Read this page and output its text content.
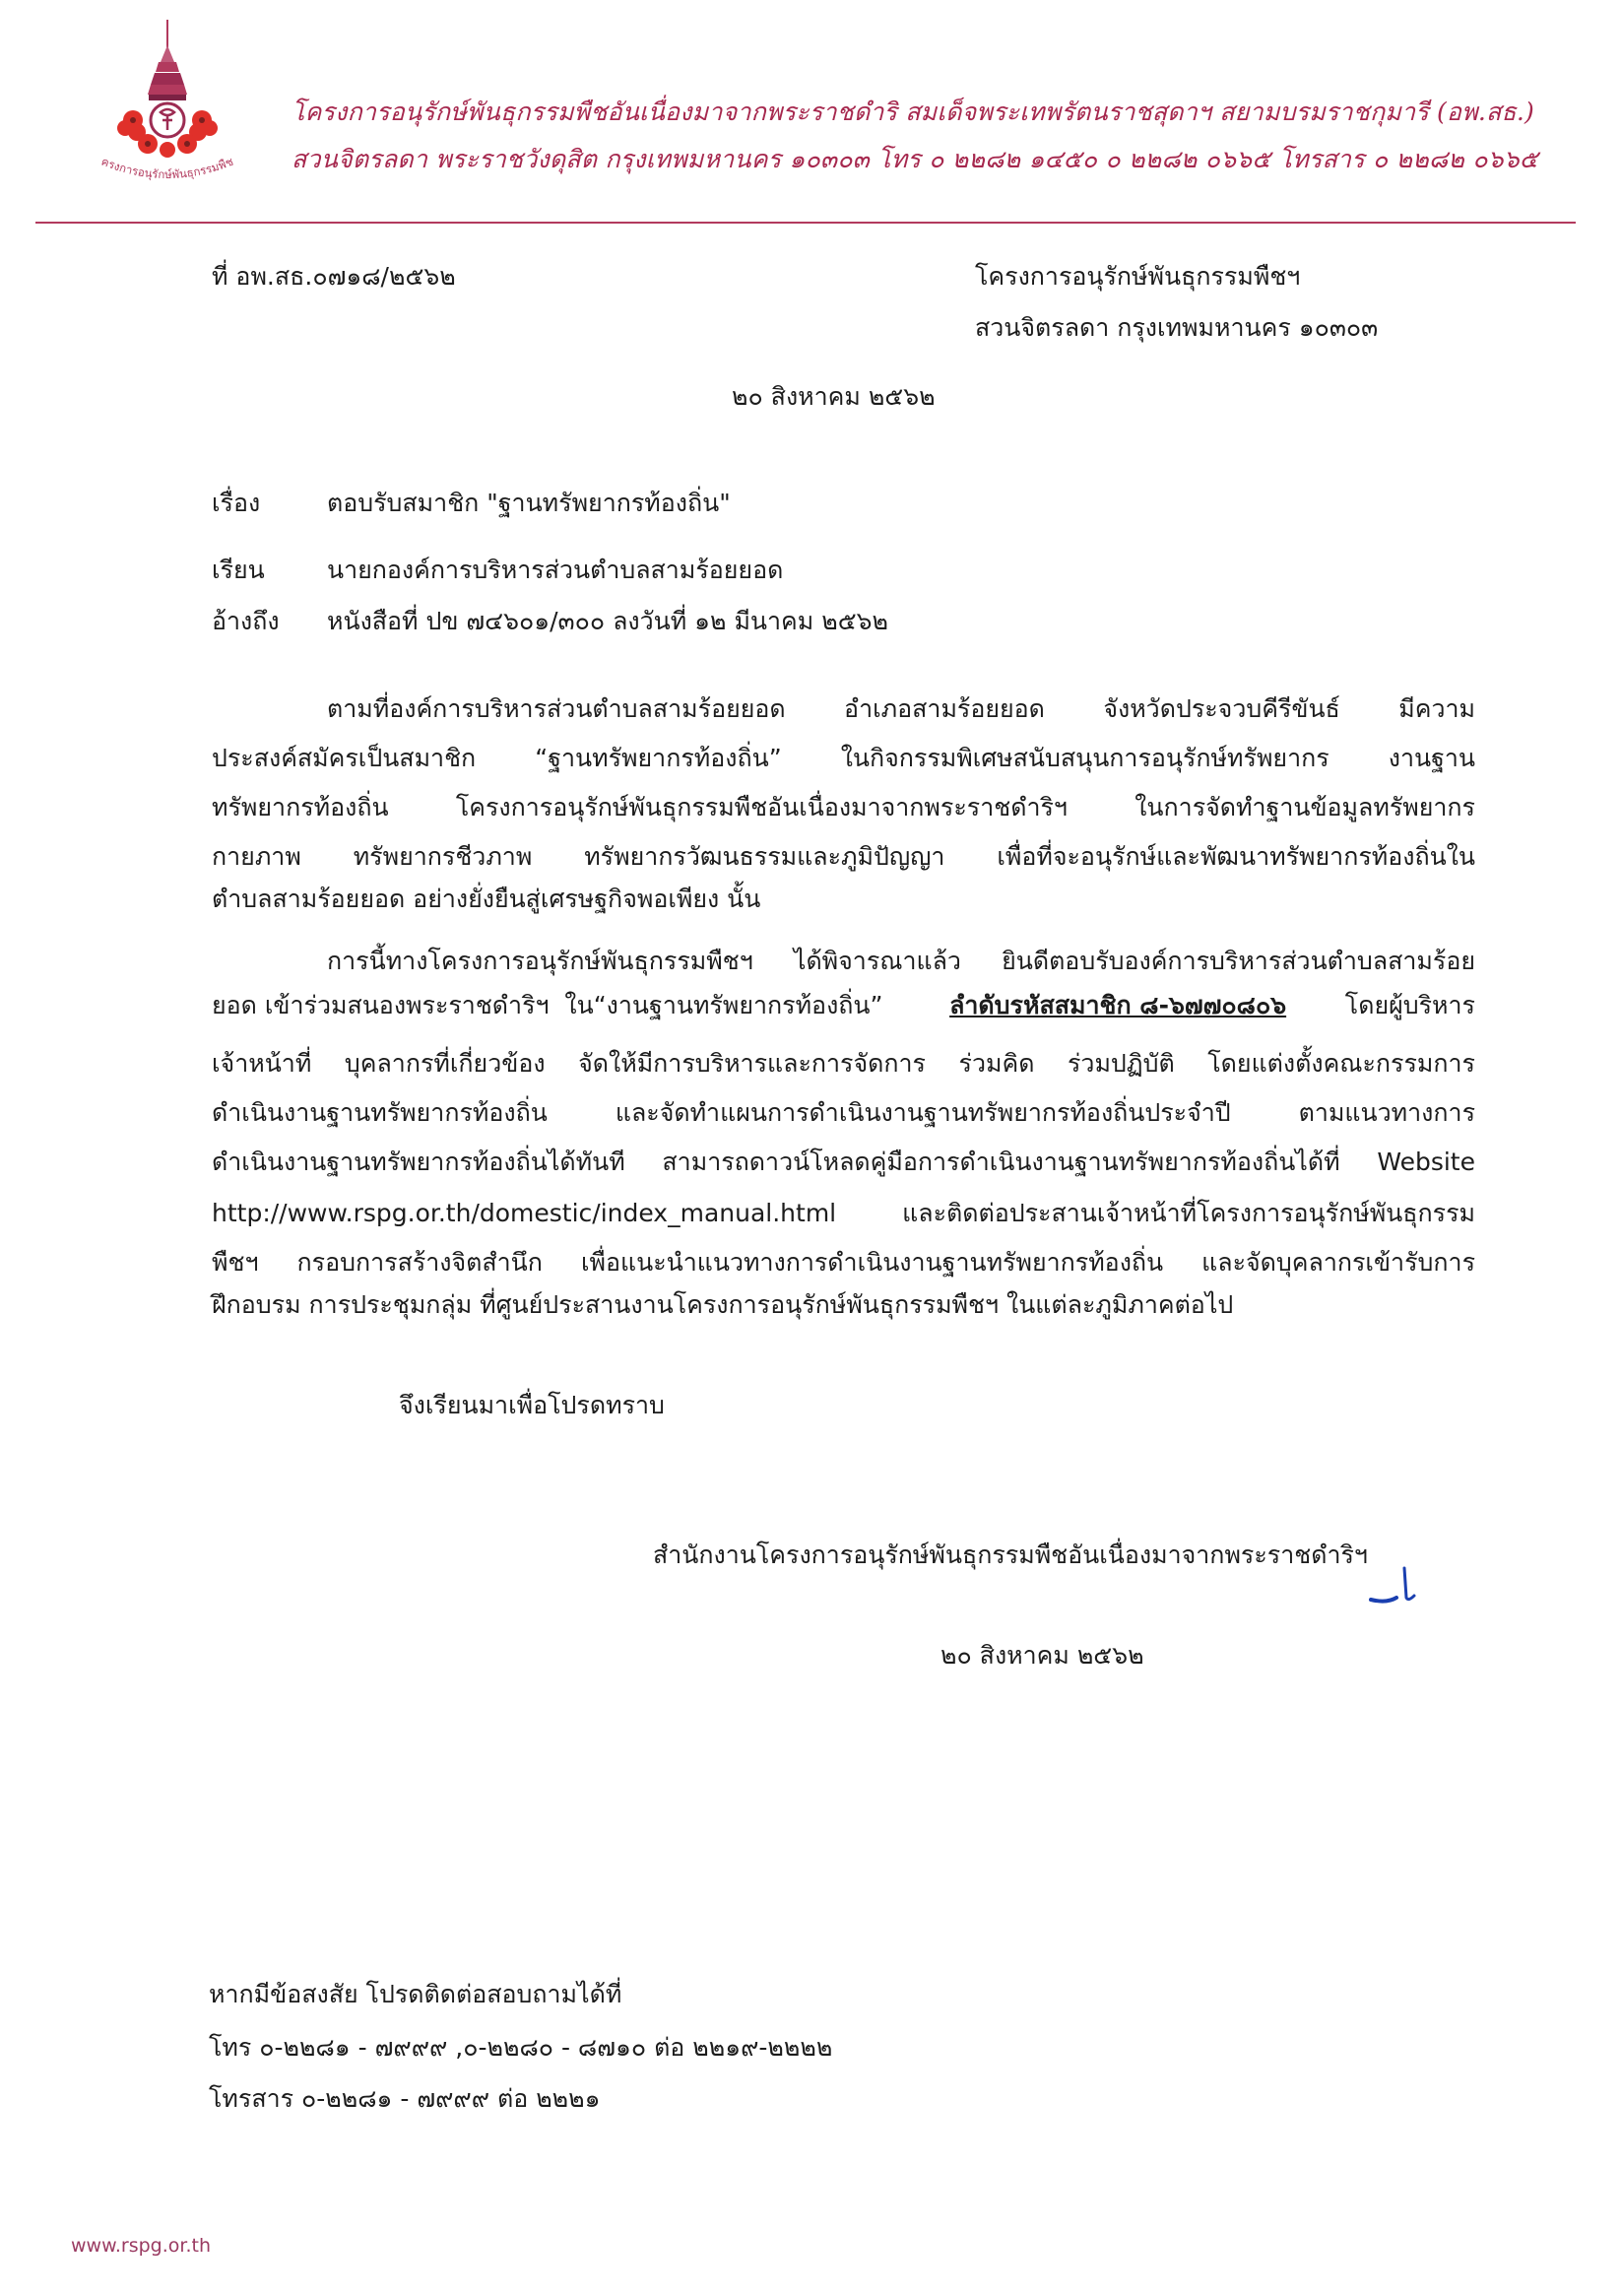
ครงการอนุรักษ์พันธุกรรมพืช
โครงการอนุรักษ์พันธุกรรมพืชอันเนื่องมาจากพระราชดำริ สมเด็จพระเทพรัตนราชสุดาฯ สยามบรมราชกุมารี (อพ.สธ.)
สวนจิตรลดา พระราชวังดุสิต กรุงเทพมหานคร ๑๐๓๐๓ โทร ๐ ๒๒๘๒ ๑๔๕๐ ๐ ๒๒๘๒ ๐๖๖๕ โทรสาร ๐ ๒๒๘๒ ๐๖๖๕
ที่ อพ.สธ.๐๗๑๘/๒๕๖๒	โครงการอนุรักษ์พันธุกรรมพืชฯ
สวนจิตรลดา กรุงเทพมหานคร ๑๐๓๐๓
๒๐ สิงหาคม ๒๕๖๒
เรื่อง	ตอบรับสมาชิก "ฐานทรัพยากรท้องถิ่น"
เรียน	นายกองค์การบริหารส่วนตำบลสามร้อยยอด
อ้างถึง หนังสือที่ ปข ๗๔๖๐๑/๓๐๐ ลงวันที่ ๑๒ มีนาคม ๒๕๖๒
ตามที่องค์การบริหารส่วนตำบลสามร้อยยอด อำเภอสามร้อยยอด จังหวัดประจวบคีรีขันธ์ มีความ
ประสงค์สมัครเป็นสมาชิก “ฐานทรัพยากรท้องถิ่น” ในกิจกรรมพิเศษสนับสนุนการอนุรักษ์ทรัพยากร งานฐาน
ทรัพยากรท้องถิ่น โครงการอนุรักษ์พันธุกรรมพืชอันเนื่องมาจากพระราชดำริฯ ในการจัดทำฐานข้อมูลทรัพยากร
กายภาพ ทรัพยากรชีวภาพ ทรัพยากรวัฒนธรรมและภูมิปัญญา เพื่อที่จะอนุรักษ์และพัฒนาทรัพยากรท้องถิ่นใน
ตำบลสามร้อยยอด อย่างยั่งยืนสู่เศรษฐกิจพอเพียง นั้น
การนี้ทางโครงการอนุรักษ์พันธุกรรมพืชฯ ได้พิจารณาแล้ว ยินดีตอบรับองค์การบริหารส่วนตำบลสามร้อย
ยอด เข้าร่วมสนองพระราชดำริฯ  ใน“งานฐานทรัพยากรท้องถิ่น” ลำดับรหัสสมาชิก ๘-๖๗๗๐๘๐๖ โดยผู้บริหาร
เจ้าหน้าที่ บุคลากรที่เกี่ยวข้อง จัดให้มีการบริหารและการจัดการ ร่วมคิด ร่วมปฏิบัติ โดยแต่งตั้งคณะกรรมการ
ดำเนินงานฐานทรัพยากรท้องถิ่น และจัดทำแผนการดำเนินงานฐานทรัพยากรท้องถิ่นประจำปี ตามแนวทางการ
ดำเนินงานฐานทรัพยากรท้องถิ่นได้ทันที สามารถดาวน์โหลดคู่มือการดำเนินงานฐานทรัพยากรท้องถิ่นได้ที่ Website
http://www.rspg.or.th/domestic/index_manual.html และติดต่อประสานเจ้าหน้าที่โครงการอนุรักษ์พันธุกรรม
พืชฯ กรอบการสร้างจิตสำนึก เพื่อแนะนำแนวทางการดำเนินงานฐานทรัพยากรท้องถิ่น และจัดบุคลากรเข้ารับการ
ฝึกอบรม การประชุมกลุ่ม ที่ศูนย์ประสานงานโครงการอนุรักษ์พันธุกรรมพืชฯ ในแต่ละภูมิภาคต่อไป
จึงเรียนมาเพื่อโปรดทราบ
สำนักงานโครงการอนุรักษ์พันธุกรรมพืชอันเนื่องมาจากพระราชดำริฯ
๒๐ สิงหาคม ๒๕๖๒
หากมีข้อสงสัย โปรดติดต่อสอบถามได้ที่
โทร ๐-๒๒๘๑ - ๗๙๙๙ ,๐-๒๒๘๐ - ๘๗๑๐ ต่อ ๒๒๑๙-๒๒๒๒
โทรสาร ๐-๒๒๘๑ - ๗๙๙๙ ต่อ ๒๒๒๑
www.rspg.or.th
